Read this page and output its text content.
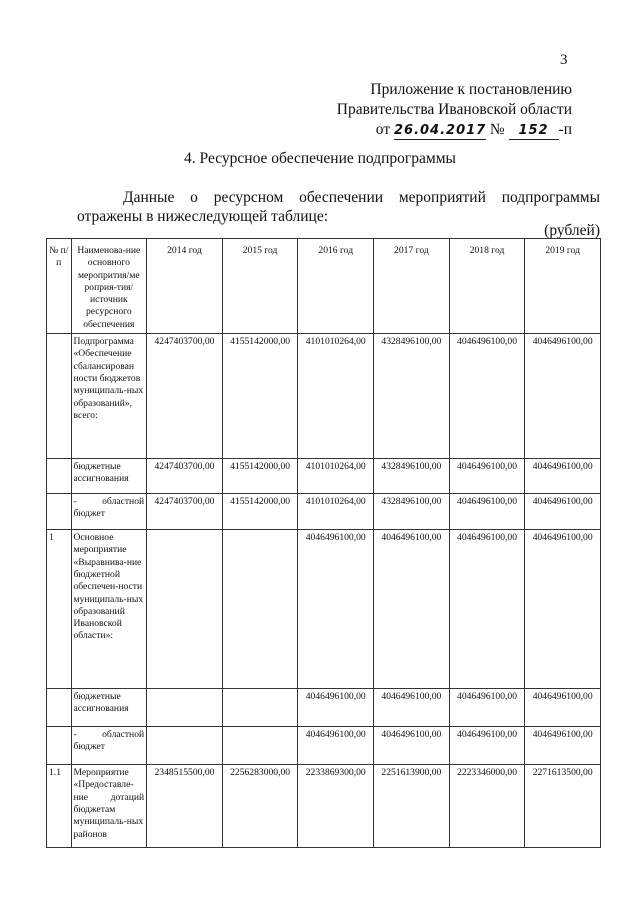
3
Приложение к постановлению
Правительства Ивановской области
от 26.04.2017 № 152 -п
4. Ресурсное обеспечение подпрограммы
Данные о ресурсном обеспечении мероприятий подпрограммы
отражены в нижеследующей таблице:
(рублей)
№ п/п	Наименова-ние основного меропрития/ме роприя-тия/источник ресурсного обеспечения	2014 год	2015 год	2016 год	2017 год	2018 год	2019 год
	Подпрограмма «Обеспечение сбалансирован ности бюджетов муниципаль-ных образований», всего:	4247403700,00	4155142000,00	4101010264,00	4328496100,00	4046496100,00	4046496100,00
	бюджетные ассигнования	4247403700,00	4155142000,00	4101010264,00	4328496100,00	4046496100,00	4046496100,00
	- областной бюджет	4247403700,00	4155142000,00	4101010264,00	4328496100,00	4046496100,00	4046496100,00
1	Основное мероприятие «Выравнива-ние бюджетной обеспечен-ности муниципаль-ных образований Ивановской области»:			4046496100,00	4046496100,00	4046496100,00	4046496100,00
	бюджетные ассигнования			4046496100,00	4046496100,00	4046496100,00	4046496100,00
	- областной бюджет			4046496100,00	4046496100,00	4046496100,00	4046496100,00
1.1	Мероприятие «Предоставле-ние дотаций бюджетам муниципаль-ных районов	2348515500,00	2256283000,00	2233869300,00	2251613900,00	2223346000,00	2271613500,00
